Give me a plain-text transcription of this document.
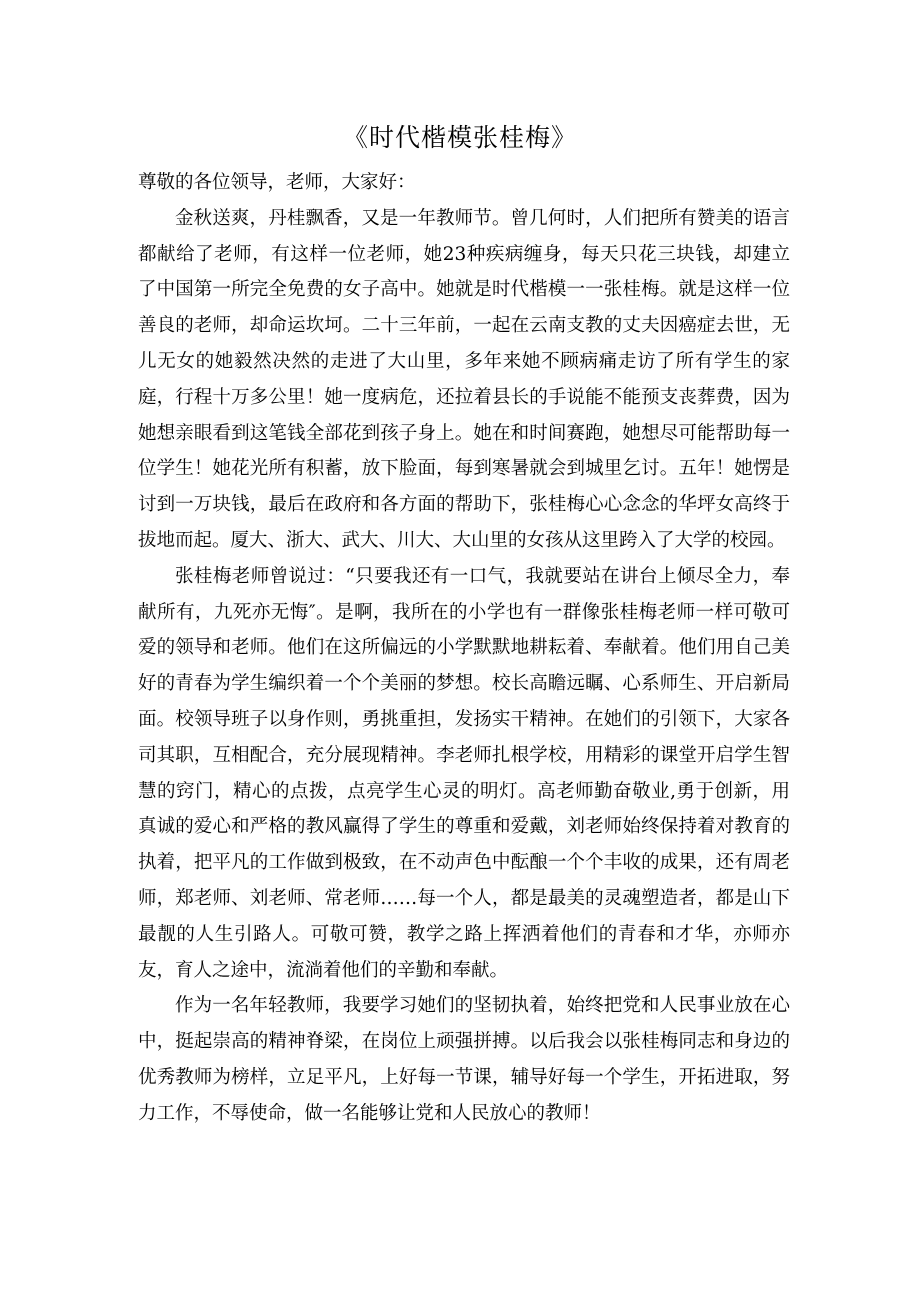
《时代楷模张桂梅》

尊敬的各位领导，老师，大家好：

金秋送爽，丹桂飘香，又是一年教师节。曾几何时，人们把所有赞美的语言都献给了老师，有这样一位老师，她23种疾病缠身，每天只花三块钱，却建立了中国第一所完全免费的女子高中。她就是时代楷模一一张桂梅。就是这样一位善良的老师，却命运坎坷。二十三年前，一起在云南支教的丈夫因癌症去世，无儿无女的她毅然决然的走进了大山里，多年来她不顾病痛走访了所有学生的家庭，行程十万多公里！她一度病危，还拉着县长的手说能不能预支丧葬费，因为她想亲眼看到这笔钱全部花到孩子身上。她在和时间赛跑，她想尽可能帮助每一位学生！她花光所有积蓄，放下脸面，每到寒暑就会到城里乞讨。五年！她愣是讨到一万块钱，最后在政府和各方面的帮助下，张桂梅心心念念的华坪女高终于拔地而起。厦大、浙大、武大、川大、大山里的女孩从这里跨入了大学的校园。

张桂梅老师曾说过：“只要我还有一口气，我就要站在讲台上倾尽全力，奉献所有，九死亦无悔″。是啊，我所在的小学也有一群像张桂梅老师一样可敬可爱的领导和老师。他们在这所偏远的小学默默地耕耘着、奉献着。他们用自己美好的青春为学生编织着一个个美丽的梦想。校长高瞻远瞩、心系师生、开启新局面。校领导班子以身作则，勇挑重担，发扬实干精神。在她们的引领下，大家各司其职，互相配合，充分展现精神。李老师扎根学校，用精彩的课堂开启学生智慧的窍门，精心的点拨，点亮学生心灵的明灯。高老师勤奋敬业,勇于创新，用真诚的爱心和严格的教风赢得了学生的尊重和爱戴，刘老师始终保持着对教育的执着，把平凡的工作做到极致，在不动声色中酝酿一个个丰收的成果，还有周老师，郑老师、刘老师、常老师……每一个人，都是最美的灵魂塑造者，都是山下最靓的人生引路人。可敬可赞，教学之路上挥洒着他们的青春和才华，亦师亦友，育人之途中，流淌着他们的辛勤和奉献。

作为一名年轻教师，我要学习她们的坚韧执着，始终把党和人民事业放在心中，挺起崇高的精神脊梁，在岗位上顽强拼搏。以后我会以张桂梅同志和身边的优秀教师为榜样，立足平凡，上好每一节课，辅导好每一个学生，开拓进取，努力工作，不辱使命，做一名能够让党和人民放心的教师！
